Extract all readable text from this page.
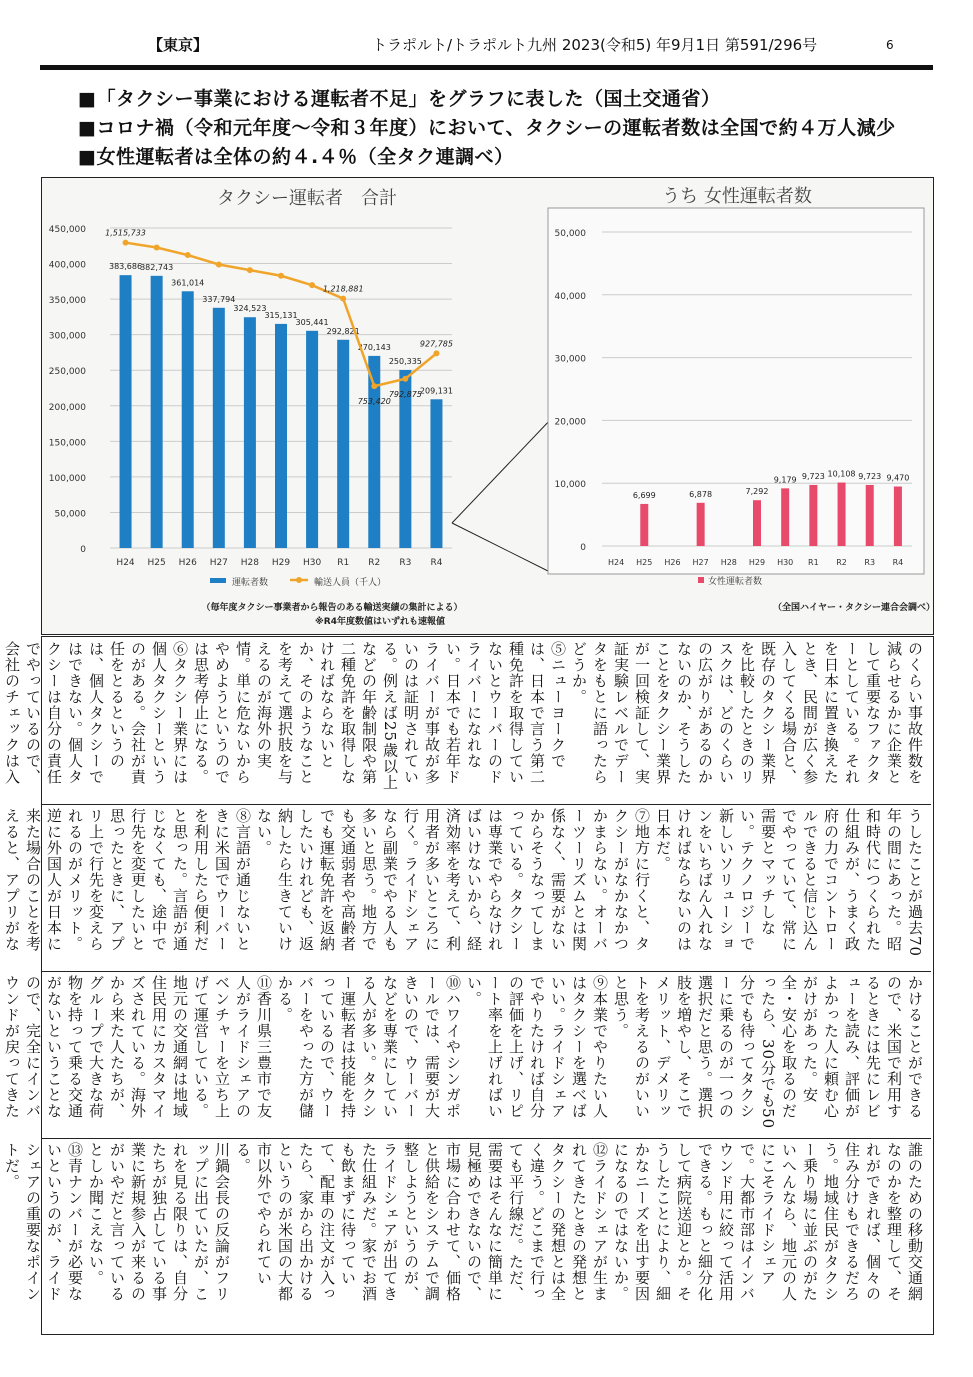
【東京】	トラポルト/トラポルト九州 2023(令和5) 年9月1日 第591/296号	6
■「タクシー事業における運転者不足」をグラフに表した（国土交通省）
■コロナ禍（令和元年度～令和３年度）において、タクシーの運転者数は全国で約４万人減少
■女性運転者は全体の約４.４％（全タク連調べ）
タクシー運転者　合計
450,000
400,000
350,000
300,000
250,000
200,000
150,000
100,000
50,000
0
383,686
H24
382,743
H25
361,014
H26
337,794
H27
324,523
H28
315,131
H29
305,441
H30
292,821
R1
270,143
R2
250,335
R3
209,131
R4
1,515,733
1,218,881
753,420
792,875
927,785
運転者数	輸送人員（千人）
（毎年度タクシー事業者から報告のある輸送実績の集計による）
※R4年度数値はいずれも速報値
うち 女性運転者数
50,000
40,000
30,000
20,000
10,000
0
H24
6,699
H25 H26
6,878
H27 H28
7,292
H29
9,179
H30
9,723
R1
10,108
R2
9,723
R3
9,470
R4
女性運転者数
（全国ハイヤー・タクシー連合会調べ）

のくらい事故件数を減らせるかに企業として重要なファクターとしている。それを日本に置き換えたとき、民間が広く参入してくる場合と、既存のタクシー業界を比較したときのリスクは、どのくらいの広がりがあるのかないのか、そうしたことをタクシー業界が一回検証して、実証実験レベルでデータをもとに語ったらどうか。

⑤ニューヨークでは、日本で言う第二種免許を取得していないとウーバーのドライバーになれない。日本でも若年ドライバーが事故が多いのは証明されている。例えば25歳以上などの年齢制限や第二種免許を取得しなければならないとか、そのようなことを考えて選択肢を与えるのが海外の実情。単に危ないからやめようというのでは思考停止になる。

⑥タクシー業界には個人タクシーというのがある。会社が責任をとるというのは、個人タクシーではできない。個人タクシーは自分の責任でやっているので、会社のチェックは入

うしたことが過去70年の間にあった。昭和時代につくられた仕組みが、うまく政府の力でコントロールできると信じ込んでやっていて、常に需要とマッチしない。テクノロジーで新しいソリューションをいちばん入れなければならないのは日本だ。

⑦地方に行くと、タクシーがなかなかつかまらない。オーバーツーリズムとは関係なく、需要がないからそうなってしまっている。タクシーは専業でやらなければいけないから、経済効率を考えて、利用者が多いところに行く。ライドシェアなら副業でやる人も多いと思う。地方でも交通弱者や高齢者でも運転免許を返納したいけれども、返納したら生きていけない。

⑧言語が通じないときに米国でウーバーを利用したら便利だと思った。言語が通じなくても、途中で行先を変更したいと思ったときに、アプリ上で行先を変えられるのがメリット。逆に外国人が日本に来た場合のことを考えると、アプリがな

かけることができるので、米国で利用するときには先にレビューを読み、評価がよかった人に頼む心がけがあった。安全・安心を取るのだったら、30分でも50分でも待ってタクシーに乗るのが一つの選択だと思う。選択肢を増やし、そこでメリット、デメリットを考えるのがいいと思う。

⑨本業でやりたい人はタクシーを選べばいい。ライドシェアでやりたければ自分の評価を上げ、リピート率を上げればいい。

⑩ハワイやシンガポールでは、需要が大きいので、ウーバーなどを専業にしている人が多い。タクシー運転者は技能を持っているので、ウーバーをやった方が儲かる。

⑪香川県三豊市で友人がライドシェアのベンチャーを立ち上げて運営している。地元の交通網は地域住民用にカスタマイズされている。海外から来た人たちが、グループで大きな荷物を持って乗る交通がないということなので、完全にインバウンドが戻ってきた

誰のための移動交通網なのかを整理して、それができれば、個々の住み分けもできるだろう。地域住民がタクシー乗り場に並ぶのがたいへんなら、地元の人にこそライドシェアで。大都市部はインバウンド用に絞って活用できる。もっと細分化して病院送迎とか。そうしたことにより、細かなニーズを出す要因になるのではないか。

⑫ライドシェアが生まれてきたときの発想とタクシーの発想とは全く違う。どこまで行っても平行線だ。ただ、需要はそんなに簡単に見極めできないので、市場に合わせて、価格と供給をシステムで調整しようというのが、ライドシェアが出てきた仕組みだ。家でお酒も飲まずに待っていて、配車の注文が入ったら、家から出かけるというのが米国の大都市以外でやられている。

川鍋会長の反論がフリップに出ていたが、これを見る限りは、自分たちが独占している事業に新規参入が来るのがいやだと言っているとしか聞こえない。

⑬青ナンバーが必要ないというのが、ライドシェアの重要なポイントだ。
